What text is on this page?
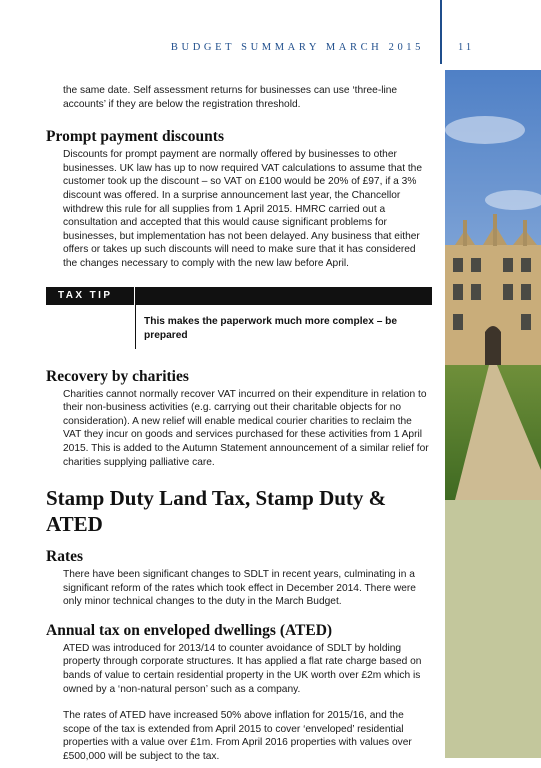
BUDGET SUMMARY MARCH 2015	11

the same date. Self assessment returns for businesses can use ‘three-line accounts’ if they are below the registration threshold.

Prompt payment discounts

Discounts for prompt payment are normally offered by businesses to other businesses. UK law has up to now required VAT calculations to assume that the customer took up the discount – so VAT on £100 would be 20% of £97, if a 3% discount was offered. In a surprise announcement last year, the Chancellor withdrew this rule for all supplies from 1 April 2015. HMRC carried out a consultation and accepted that this would cause significant problems for businesses, but implementation has not been delayed. Any business that either offers or takes up such discounts will need to make sure that it has considered the changes necessary to comply with the new law before April.

TAX TIP
This makes the paperwork much more complex – be prepared
Recovery by charities

Charities cannot normally recover VAT incurred on their expenditure in relation to their non-business activities (e.g. carrying out their charitable objects for no consideration). A new relief will enable medical courier charities to reclaim the VAT they incur on goods and services purchased for these activities from 1 April 2015. This is added to the Autumn Statement announcement of a similar relief for charities supplying palliative care.

Stamp Duty Land Tax, Stamp Duty & ATED
Rates

There have been significant changes to SDLT in recent years, culminating in a significant reform of the rates which took effect in December 2014. There were only minor technical changes to the duty in the March Budget.

Annual tax on enveloped dwellings (ATED)

ATED was introduced for 2013/14 to counter avoidance of SDLT by holding property through corporate structures. It has applied a flat rate charge based on bands of value to certain residential property in the UK worth over £2m which is owned by a ‘non-natural person’ such as a company.

The rates of ATED have increased 50% above inflation for 2015/16, and the scope of the tax is extended from April 2015 to cover ‘enveloped’ residential properties with a value over £1m. From April 2016 properties with values over £500,000 will be subject to the tax.
